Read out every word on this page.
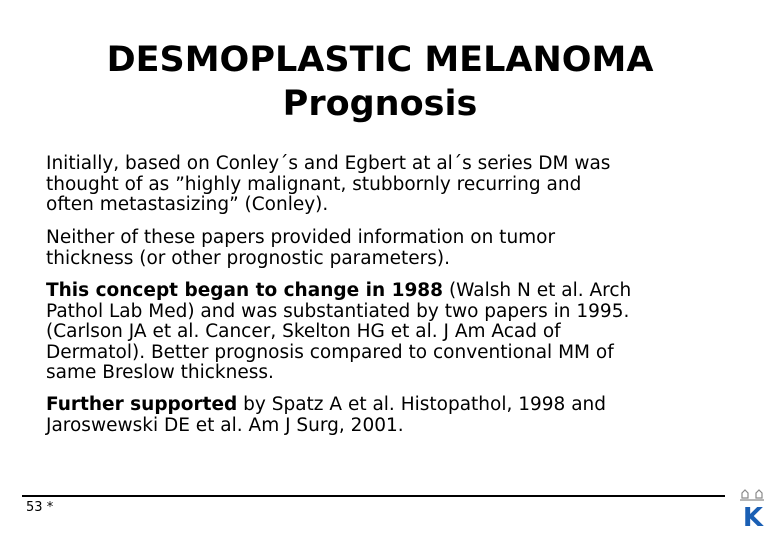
DESMOPLASTIC MELANOMA
Prognosis
Initially, based on Conley´s and Egbert at al´s series DM was
thought of as ”highly malignant, stubbornly recurring and
often metastasizing” (Conley).
Neither of these papers provided information on tumor
thickness (or other prognostic parameters).
This concept began to change in 1988 (Walsh N et al. Arch
Pathol Lab Med) and was substantiated by two papers in 1995.
(Carlson JA et al. Cancer, Skelton HG et al. J Am Acad of
Dermatol). Better prognosis compared to conventional MM of
same Breslow thickness.
Further supported by Spatz A et al. Histopathol, 1998 and
Jaroswewski DE et al. Am J Surg, 2001.
53 *	K
